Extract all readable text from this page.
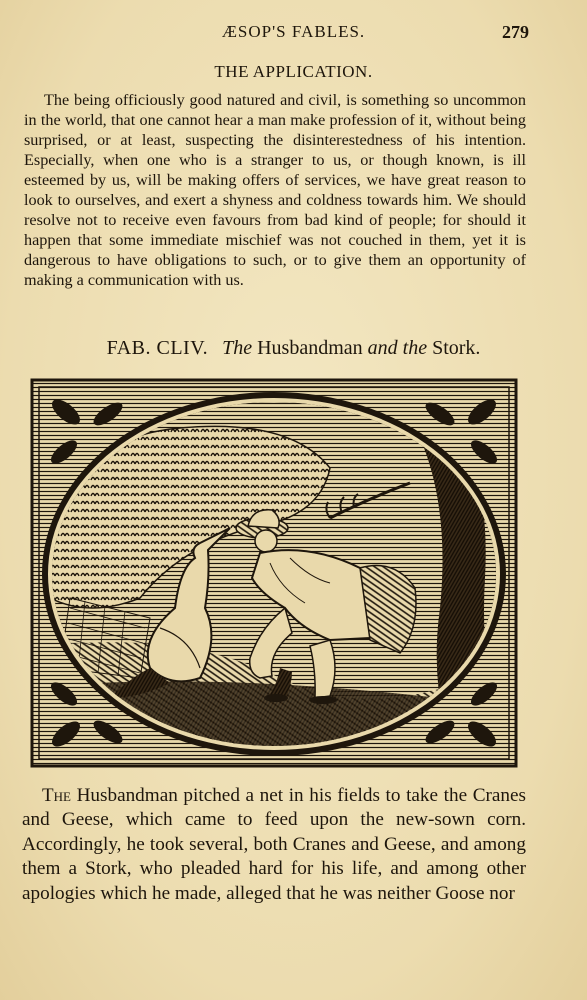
ÆSOP'S FABLES.	279
THE APPLICATION.

The being officiously good natured and civil, is something so uncommon in the world, that one cannot hear a man make profession of it, without being surprised, or at least, suspecting the disinterestedness of his intention. Especially, when one who is a stranger to us, or though known, is ill esteemed by us, will be making offers of services, we have great reason to look to ourselves, and exert a shyness and coldness towards him. We should resolve not to receive even favours from bad kind of people; for should it happen that some immediate mischief was not couched in them, yet it is dangerous to have obligations to such, or to give them an opportunity of making a communication with us.

FAB. CLIV. The Husbandman and the Stork.

The Husbandman pitched a net in his fields to take the Cranes and Geese, which came to feed upon the new-sown corn. Accordingly, he took several, both Cranes and Geese, and among them a Stork, who pleaded hard for his life, and among other apologies which he made, alleged that he was neither Goose nor
